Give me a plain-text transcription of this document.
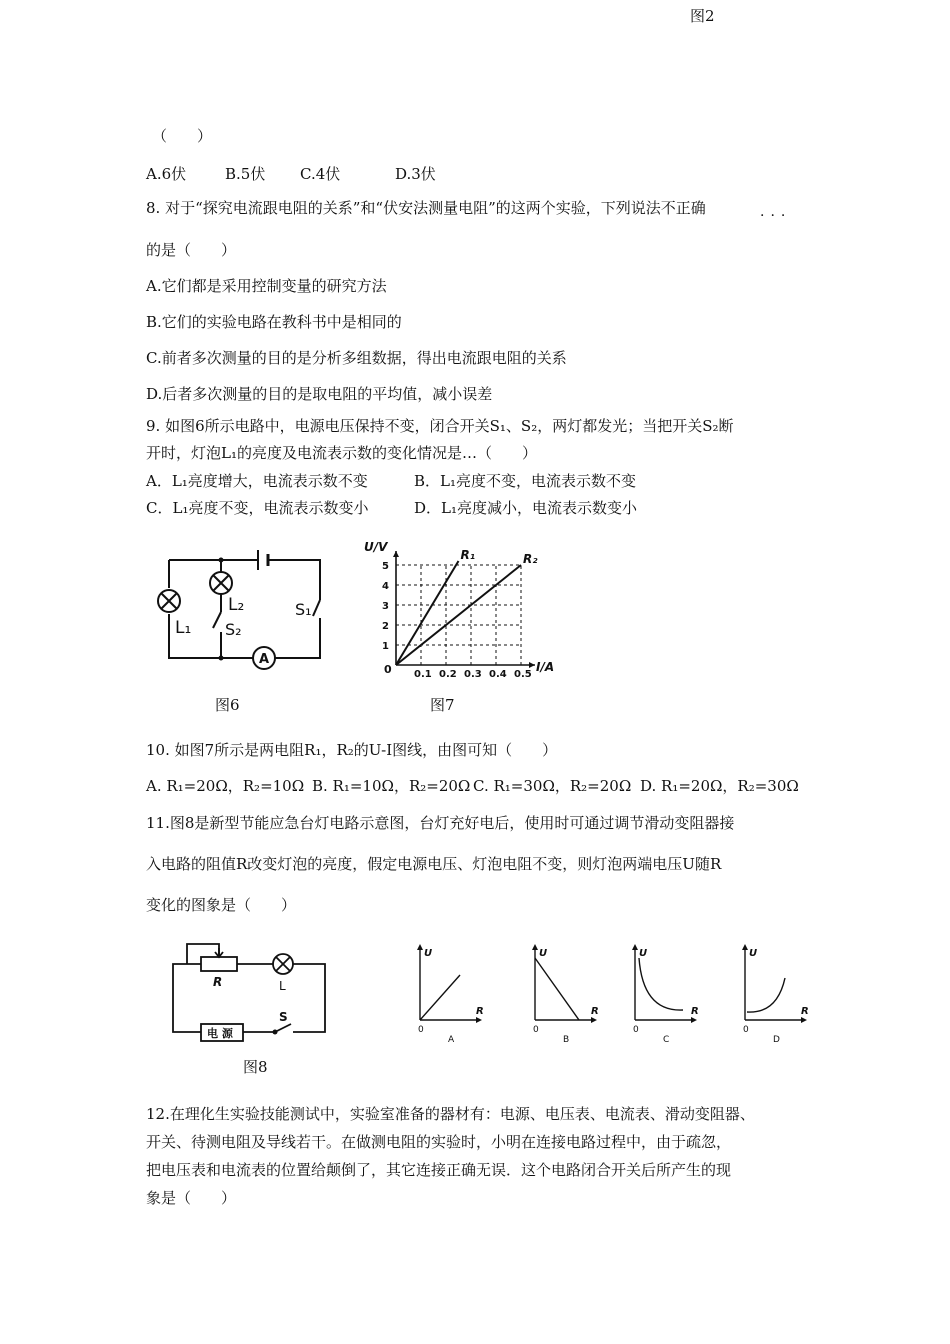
图2
（　　）
A.6伏	B.5伏 C.4伏	D.3伏
8. 对于“探究电流跟电阻的关系”和“伏安法测量电阻”的这两个实验，下列说法不正确	···
的是（　　）
A.它们都是采用控制变量的研究方法
B.它们的实验电路在教科书中是相同的
C.前者多次测量的目的是分析多组数据，得出电流跟电阻的关系
D.后者多次测量的目的是取电阻的平均值，减小误差
9. 如图6所示电路中，电源电压保持不变，闭合开关S₁、S₂，两灯都发光；当把开关S₂断
开时，灯泡L₁的亮度及电流表示数的变化情况是…（　　）
A．L₁亮度增大，电流表示数不变	B．L₁亮度不变，电流表示数不变
C．L₁亮度不变，电流表示数变小	D．L₁亮度减小，电流表示数变小
L₁
L₂
S₂
S₁
A
图6
0.1 0.2 0.3 0.4 0.5
1
2
3
4
5
R₁	R₂
U/V
I/A
0
图7
10. 如图7所示是两电阻R₁，R₂的U-I图线，由图可知（　　）
A. R₁=20Ω，R₂=10Ω B. R₁=10Ω，R₂=20Ω C. R₁=30Ω，R₂=20Ω D. R₁=20Ω，R₂=30Ω
11.图8是新型节能应急台灯电路示意图，台灯充好电后，使用时可通过调节滑动变阻器接
入电路的阻值R改变灯泡的亮度，假定电源电压、灯泡电阻不变，则灯泡两端电压U随R
变化的图象是（　　）
R	L
电 源
S
图8
U
R
0
A
U
R
0
B
U
R
0
C
U
R
0
D
12.在理化生实验技能测试中，实验室准备的器材有：电源、电压表、电流表、滑动变阻器、
开关、待测电阻及导线若干。在做测电阻的实验时，小明在连接电路过程中，由于疏忽，
把电压表和电流表的位置给颠倒了，其它连接正确无误．这个电路闭合开关后所产生的现
象是（　　）
